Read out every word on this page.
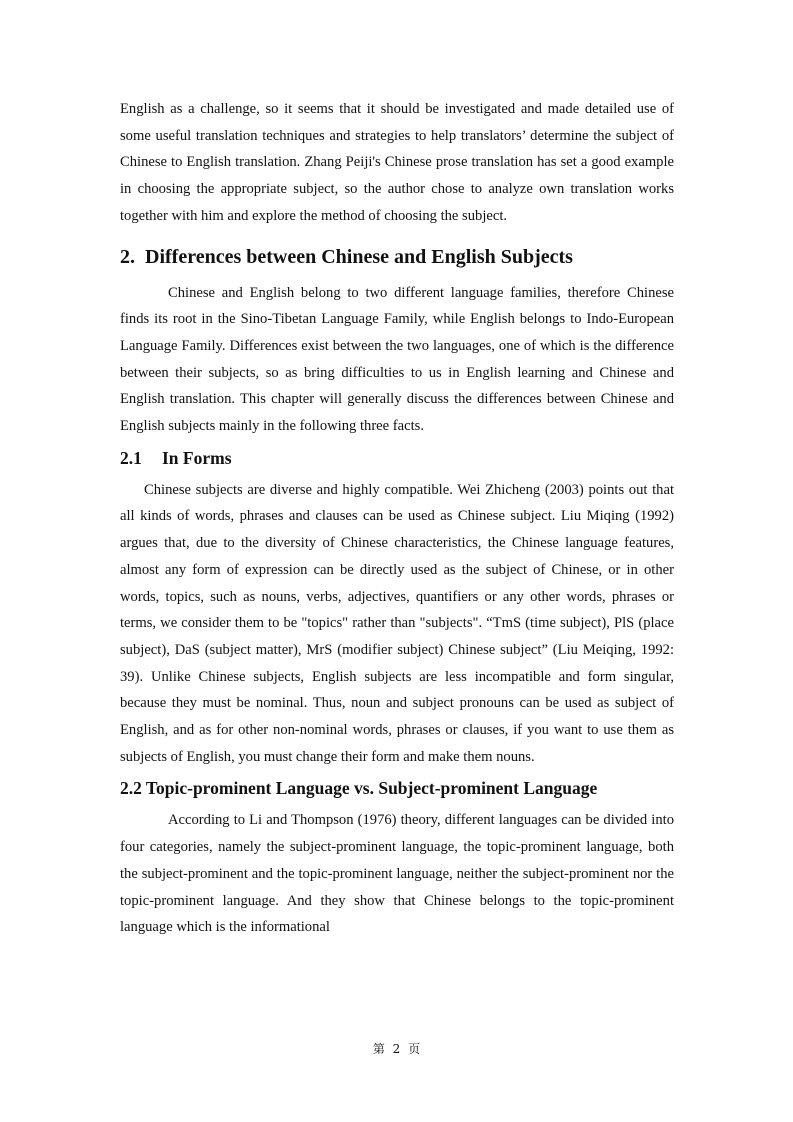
English as a challenge, so it seems that it should be investigated and made detailed use of some useful translation techniques and strategies to help translators’ determine the subject of Chinese to English translation. Zhang Peiji's Chinese prose translation has set a good example in choosing the appropriate subject, so the author chose to analyze own translation works together with him and explore the method of choosing the subject.

2. Differences between Chinese and English Subjects

Chinese and English belong to two different language families, therefore Chinese finds its root in the Sino-Tibetan Language Family, while English belongs to Indo-European Language Family. Differences exist between the two languages, one of which is the difference between their subjects, so as bring difficulties to us in English learning and Chinese and English translation. This chapter will generally discuss the differences between Chinese and English subjects mainly in the following three facts.

2.1 In Forms

Chinese subjects are diverse and highly compatible. Wei Zhicheng (2003) points out that all kinds of words, phrases and clauses can be used as Chinese subject. Liu Miqing (1992) argues that, due to the diversity of Chinese characteristics, the Chinese language features, almost any form of expression can be directly used as the subject of Chinese, or in other words, topics, such as nouns, verbs, adjectives, quantifiers or any other words, phrases or terms, we consider them to be "topics" rather than "subjects". “TmS (time subject), PlS (place subject), DaS (subject matter), MrS (modifier subject) Chinese subject” (Liu Meiqing, 1992: 39). Unlike Chinese subjects, English subjects are less incompatible and form singular, because they must be nominal. Thus, noun and subject pronouns can be used as subject of English, and as for other non-nominal words, phrases or clauses, if you want to use them as subjects of English, you must change their form and make them nouns.

2.2 Topic-prominent Language vs. Subject-prominent Language

According to Li and Thompson (1976) theory, different languages can be divided into four categories, namely the subject-prominent language, the topic-prominent language, both the subject-prominent and the topic-prominent language, neither the subject-prominent nor the topic-prominent language. And they show that Chinese belongs to the topic-prominent language which is the informational

第 2 页
